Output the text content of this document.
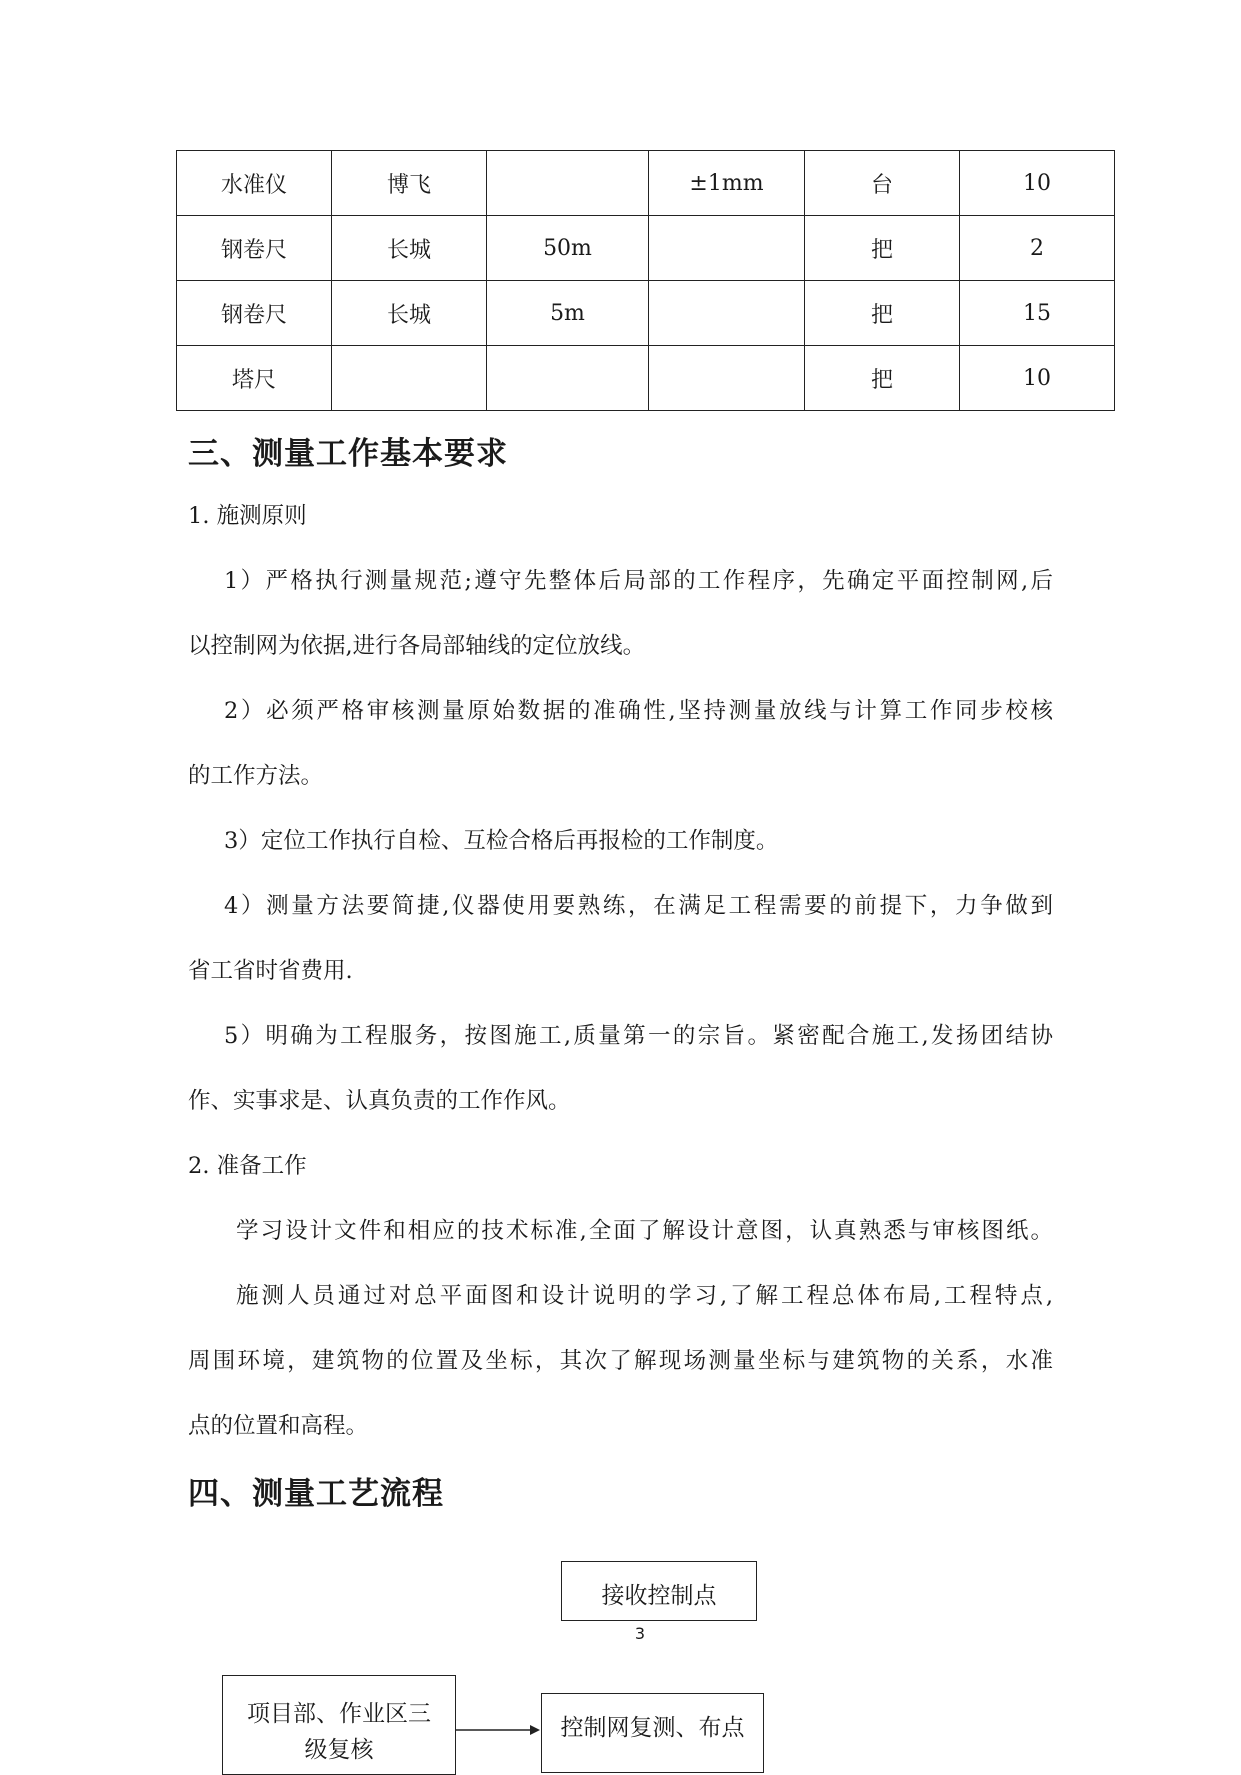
水准仪	博飞		±1mm	台	10
钢卷尺	长城	50m		把	2
钢卷尺	长城	5m		把	15
塔尺				把	10
三、测量工作基本要求

1. 施测原则

1）严格执行测量规范;遵守先整体后局部的工作程序，先确定平面控制网,后

以控制网为依据,进行各局部轴线的定位放线。

2）必须严格审核测量原始数据的准确性,坚持测量放线与计算工作同步校核

的工作方法。

3）定位工作执行自检、互检合格后再报检的工作制度。

4）测量方法要简捷,仪器使用要熟练，在满足工程需要的前提下，力争做到

省工省时省费用.

5）明确为工程服务，按图施工,质量第一的宗旨。紧密配合施工,发扬团结协

作、实事求是、认真负责的工作作风。

2. 准备工作

学习设计文件和相应的技术标准,全面了解设计意图，认真熟悉与审核图纸。

施测人员通过对总平面图和设计说明的学习,了解工程总体布局,工程特点,

周围环境，建筑物的位置及坐标，其次了解现场测量坐标与建筑物的关系，水准

点的位置和高程。

四、测量工艺流程
接收控制点
3
项目部、作业区三
级复核
控制网复测、布点
